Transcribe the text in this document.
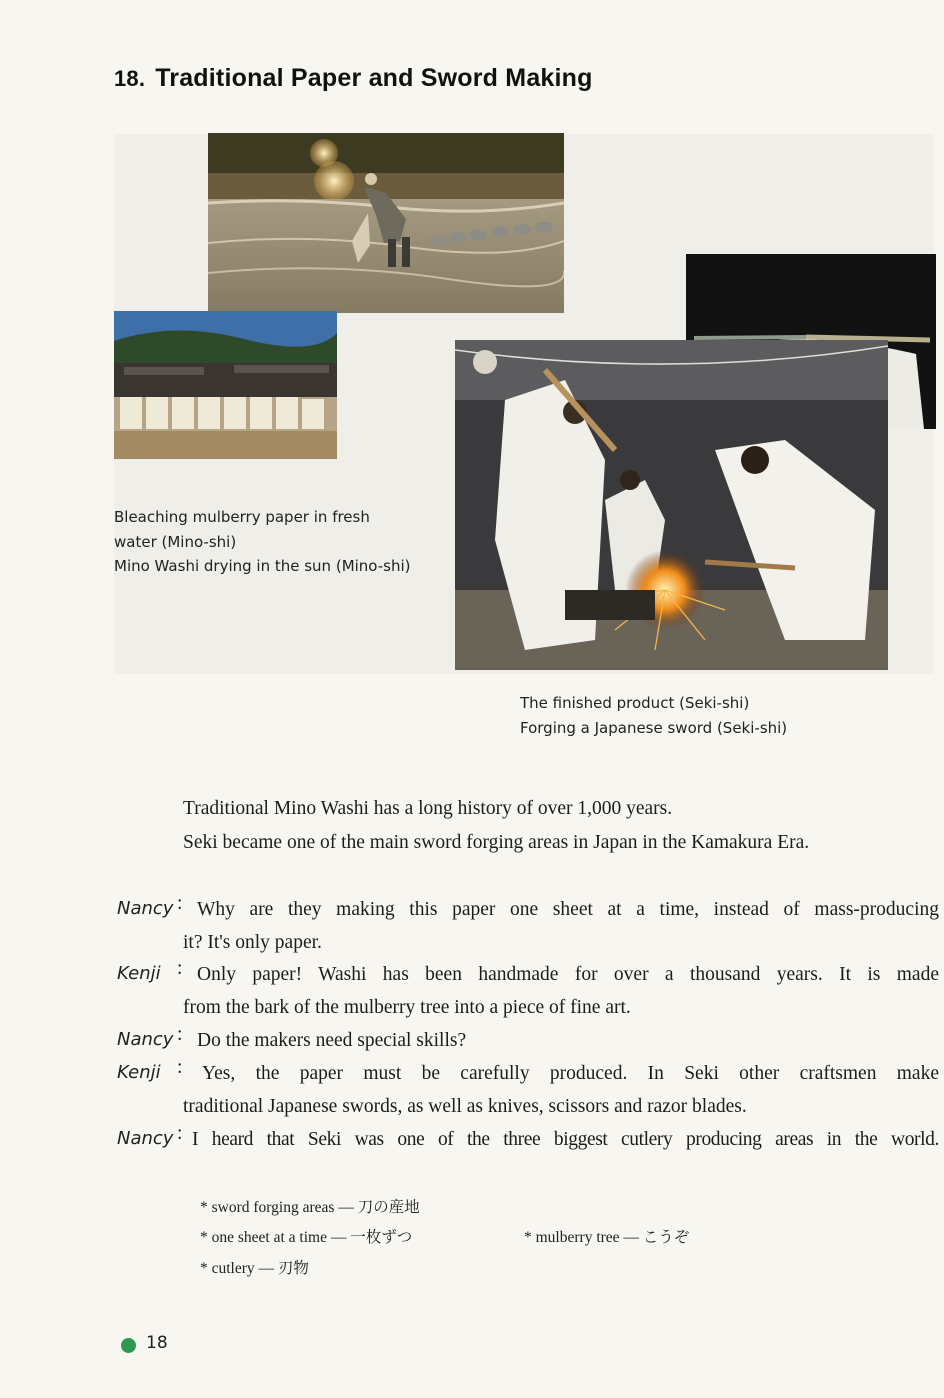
18. Traditional Paper and Sword Making
Bleaching mulberry paper in fresh
water (Mino-shi)
Mino Washi drying in the sun (Mino-shi)
The finished product (Seki-shi)
Forging a Japanese sword (Seki-shi)
Traditional Mino Washi has a long history of over 1,000 years.
Seki became one of the main sword forging areas in Japan in the Kamakura Era.
Nancy : Why are they making this paper one sheet at a time, instead of mass-producing
it? It's only paper.
Kenji : Only paper! Washi has been handmade for over a thousand years. It is made
from the bark of the mulberry tree into a piece of fine art.
Nancy : Do the makers need special skills?
Kenji : Yes, the paper must be carefully produced. In Seki other craftsmen make
traditional Japanese swords, as well as knives, scissors and razor blades.
Nancy : I heard that Seki was one of the three biggest cutlery producing areas in the world.
* sword forging areas — 刀の産地
* one sheet at a time — 一枚ずつ	* mulberry tree — こうぞ
* cutlery — 刃物
18
